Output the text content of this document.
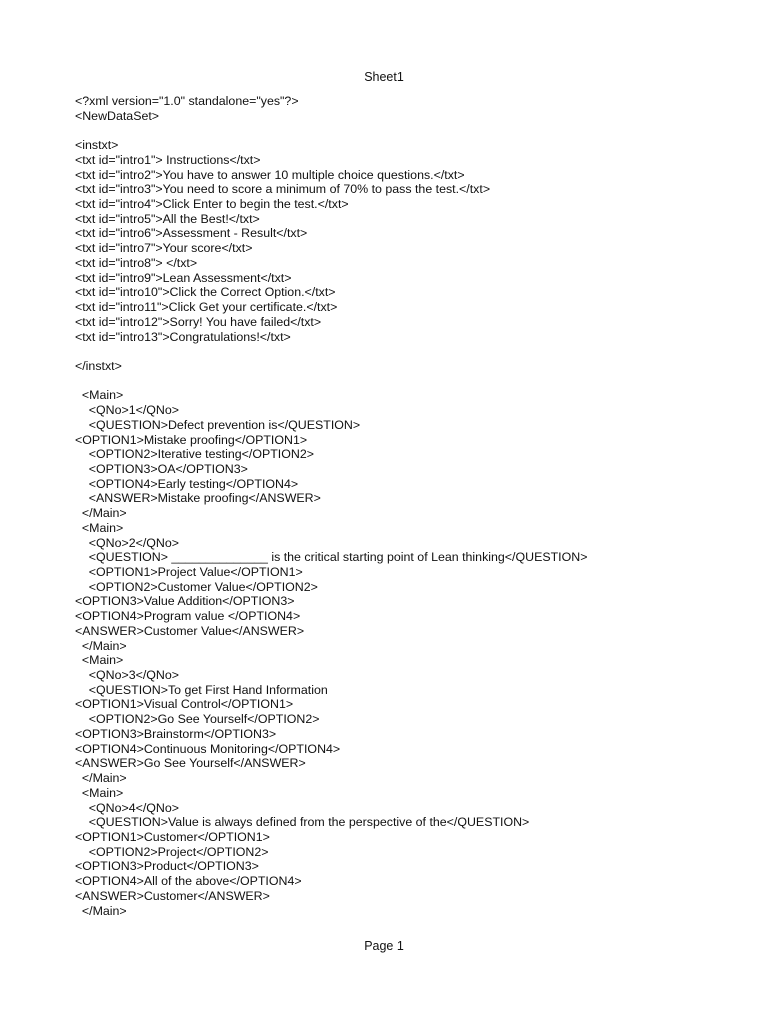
Sheet1
<?xml version="1.0" standalone="yes"?>
<NewDataSet>
<instxt>
<txt id="intro1"> Instructions</txt>
<txt id="intro2">You have to answer 10 multiple choice questions.</txt>
<txt id="intro3">You need to score a minimum of 70% to pass the test.</txt>
<txt id="intro4">Click Enter to begin the test.</txt>
<txt id="intro5">All the Best!</txt>
<txt id="intro6">Assessment - Result</txt>
<txt id="intro7">Your score</txt>
<txt id="intro8"> </txt>
<txt id="intro9">Lean Assessment</txt>
<txt id="intro10">Click the Correct Option.</txt>
<txt id="intro11">Click Get your certificate.</txt>
<txt id="intro12">Sorry! You have failed</txt>
<txt id="intro13">Congratulations!</txt>
</instxt>
<Main>
<QNo>1</QNo>
<QUESTION>Defect prevention is</QUESTION>
<OPTION1>Mistake proofing</OPTION1>
<OPTION2>Iterative testing</OPTION2>
<OPTION3>OA</OPTION3>
<OPTION4>Early testing</OPTION4>
<ANSWER>Mistake proofing</ANSWER>
</Main>
<Main>
<QNo>2</QNo>
<QUESTION> ______________ is the critical starting point of Lean thinking</QUESTION>
<OPTION1>Project Value</OPTION1>
<OPTION2>Customer Value</OPTION2>
<OPTION3>Value Addition</OPTION3>
<OPTION4>Program value </OPTION4>
<ANSWER>Customer Value</ANSWER>
</Main>
<Main>
<QNo>3</QNo>
<QUESTION>To get First Hand Information
<OPTION1>Visual Control</OPTION1>
<OPTION2>Go See Yourself</OPTION2>
<OPTION3>Brainstorm</OPTION3>
<OPTION4>Continuous Monitoring</OPTION4>
<ANSWER>Go See Yourself</ANSWER>
</Main>
<Main>
<QNo>4</QNo>
<QUESTION>Value is always defined from the perspective of the</QUESTION>
<OPTION1>Customer</OPTION1>
<OPTION2>Project</OPTION2>
<OPTION3>Product</OPTION3>
<OPTION4>All of the above</OPTION4>
<ANSWER>Customer</ANSWER>
</Main>
Page 1
